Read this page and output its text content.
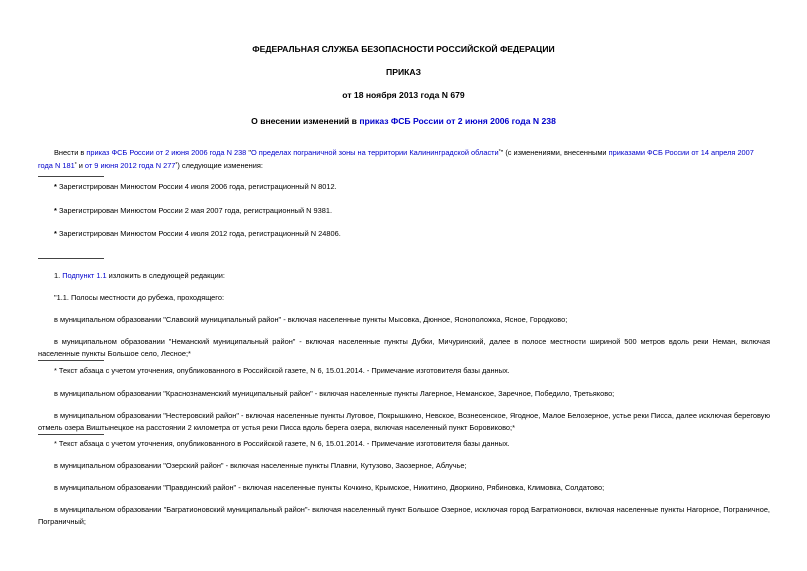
ФЕДЕРАЛЬНАЯ СЛУЖБА БЕЗОПАСНОСТИ РОССИЙСКОЙ ФЕДЕРАЦИИ
ПРИКАЗ
от 18 ноября 2013 года N 679
О внесении изменений в приказ ФСБ России от 2 июня 2006 года N 238
Внести в приказ ФСБ России от 2 июня 2006 года N 238 "О пределах пограничной зоны на территории Калининградской области*" (с изменениями, внесенными приказами ФСБ России от 14 апреля 2007 года N 181* и от 9 июня 2012 года N 277*) следующие изменения:
* Зарегистрирован Минюстом России 4 июля 2006 года, регистрационный N 8012.
* Зарегистрирован Минюстом России 2 мая 2007 года, регистрационный N 9381.
* Зарегистрирован Минюстом России 4 июля 2012 года, регистрационный N 24806.
1. Подпункт 1.1 изложить в следующей редакции:
"1.1. Полосы местности до рубежа, проходящего:
в муниципальном образовании "Славский муниципальный район" - включая населенные пункты Мысовка, Дюнное, Ясноположка, Ясное, Городково;
в муниципальном образовании "Неманский муниципальный район" - включая населенные пункты Дубки, Мичуринский, далее в полосе местности шириной 500 метров вдоль реки Неман, включая населенные пункты Большое село, Лесное;*
* Текст абзаца с учетом уточнения, опубликованного в Российской газете, N 6, 15.01.2014. - Примечание изготовителя базы данных.
в муниципальном образовании "Краснознаменский муниципальный район" - включая населенные пункты Лагерное, Неманское, Заречное, Победило, Третьяково;
в муниципальном образовании "Нестеровский район" - включая населенные пункты Луговое, Покрышкино, Невское, Вознесенское, Ягодное, Малое Белозерное, устье реки Писса, далее исключая береговую отмель озера Виштынецкое на расстоянии 2 километра от устья реки Писса вдоль берега озера, включая населенный пункт Боровиково;*
* Текст абзаца с учетом уточнения, опубликованного в Российской газете, N 6, 15.01.2014. - Примечание изготовителя базы данных.
в муниципальном образовании "Озерский район" - включая населенные пункты Плавни, Кутузово, Заозерное, Аблучье;
в муниципальном образовании "Правдинский район" - включая населенные пункты Кочкино, Крымское, Никитино, Дворкино, Рябиновка, Климовка, Солдатово;
в муниципальном образовании "Багратионовский муниципальный район"- включая населенный пункт Большое Озерное, исключая город Багратионовск, включая населенные пункты Нагорное, Пограничное, Пограничный;
